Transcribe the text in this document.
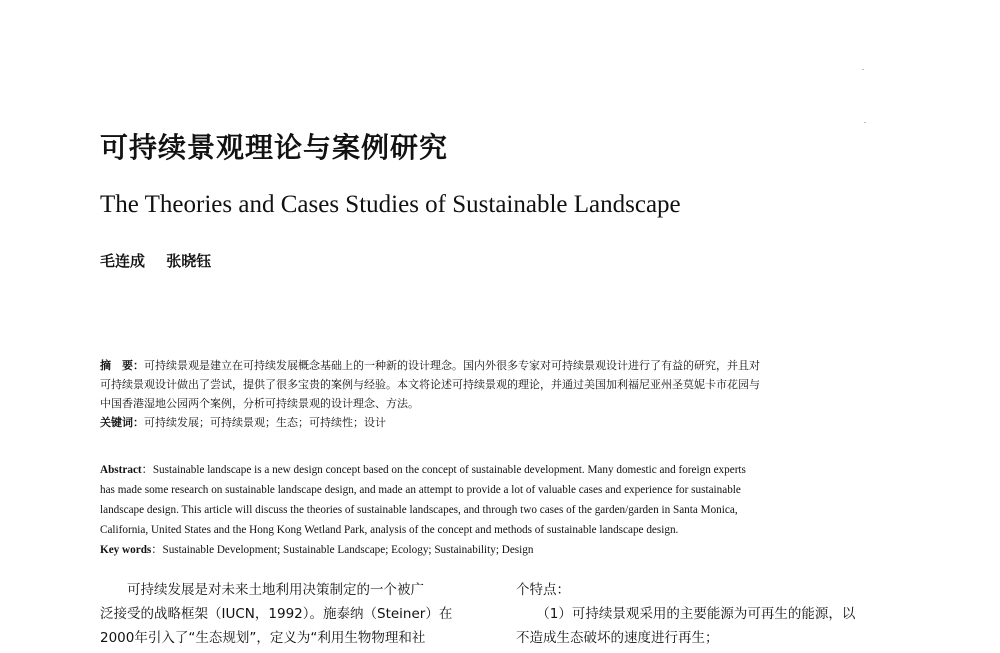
可持续景观理论与案例研究
The Theories and Cases Studies of Sustainable Landscape
毛连成 张晓钰
摘　要：可持续景观是建立在可持续发展概念基础上的一种新的设计理念。国内外很多专家对可持续景观设计进行了有益的研究，并且对
可持续景观设计做出了尝试，提供了很多宝贵的案例与经验。本文将论述可持续景观的理论，并通过美国加利福尼亚州圣莫妮卡市花园与
中国香港湿地公园两个案例，分析可持续景观的设计理念、方法。
关键词：可持续发展；可持续景观；生态；可持续性；设计
Abstract：Sustainable landscape is a new design concept based on the concept of sustainable development. Many domestic and foreign experts
has made some research on sustainable landscape design, and made an attempt to provide a lot of valuable cases and experience for sustainable
landscape design. This article will discuss the theories of sustainable landscapes, and through two cases of the garden/garden in Santa Monica,
California, United States and the Hong Kong Wetland Park, analysis of the concept and methods of sustainable landscape design.
Key words：Sustainable Development; Sustainable Landscape; Ecology; Sustainability; Design
　　可持续发展是对未来土地利用决策制定的一个被广
泛接受的战略框架（IUCN，1992）。施泰纳（Steiner）在
2000年引入了“生态规划”，定义为“利用生物物理和社
个特点：
　　（1）可持续景观采用的主要能源为可再生的能源，以
不造成生态破坏的速度进行再生；
